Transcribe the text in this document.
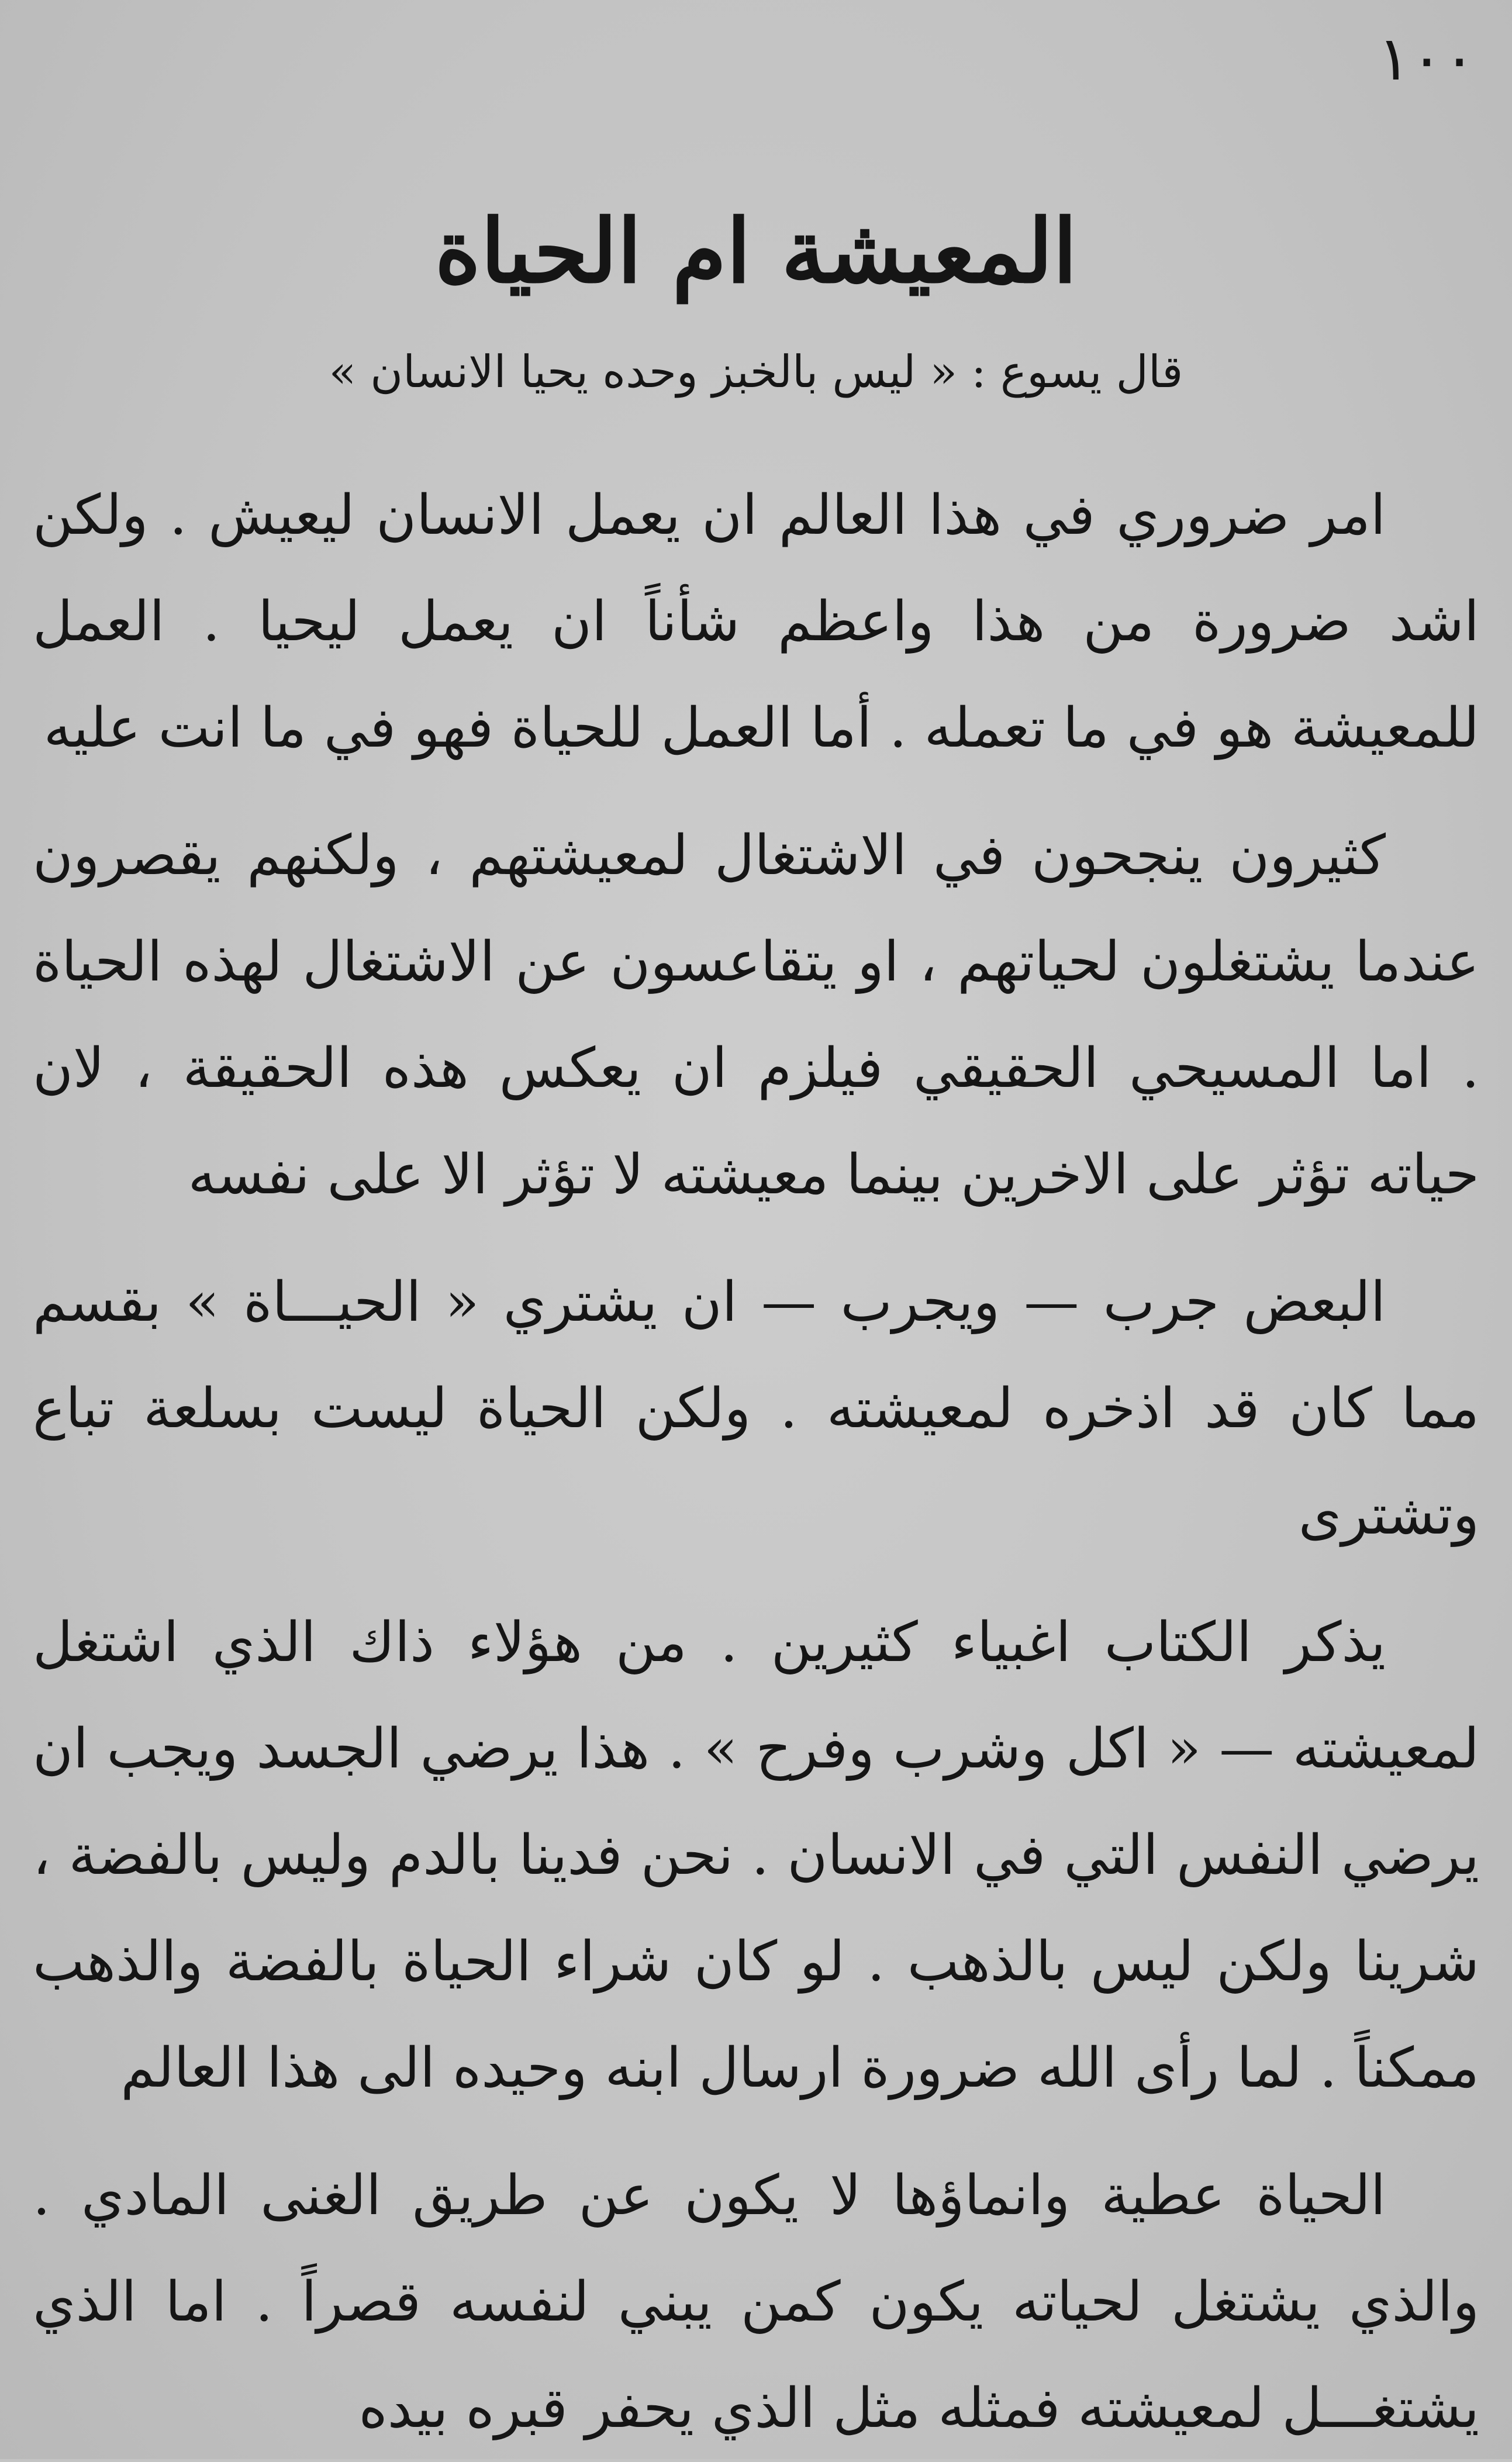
١٠٠
المعيشة ام الحياة

قال يسوع : « ليس بالخبز وحده يحيا الانسان »

امر ضروري في هذا العالم ان يعمل الانسان ليعيش . ولكن اشد ضرورة من هذا واعظم شأناً ان يعمل ليحيا . العمل للمعيشة هو في ما تعمله . أما العمل للحياة فهو في ما انت عليه

كثيرون ينجحون في الاشتغال لمعيشتهم ، ولكنهم يقصرون عندما يشتغلون لحياتهم ، او يتقاعسون عن الاشتغال لهذه الحياة . اما المسيحي الحقيقي فيلزم ان يعكس هذه الحقيقة ، لان حياته تؤثر على الاخرين بينما معيشته لا تؤثر الا على نفسه

البعض جرب — ويجرب — ان يشتري « الحيـــاة » بقسم مما كان قد اذخره لمعيشته . ولكن الحياة ليست بسلعة تباع وتشترى

يذكر الكتاب اغبياء كثيرين . من هؤلاء ذاك الذي اشتغل لمعيشته — « اكل وشرب وفرح » . هذا يرضي الجسد ويجب ان يرضي النفس التي في الانسان . نحن فدينا بالدم وليس بالفضة ، شرينا ولكن ليس بالذهب . لو كان شراء الحياة بالفضة والذهب ممكناً . لما رأى الله ضرورة ارسال ابنه وحيده الى هذا العالم

الحياة عطية وانماؤها لا يكون عن طريق الغنى المادي . والذي يشتغل لحياته يكون كمن يبني لنفسه قصراً . اما الذي يشتغـــل لمعيشته فمثله مثل الذي يحفر قبره بيده
